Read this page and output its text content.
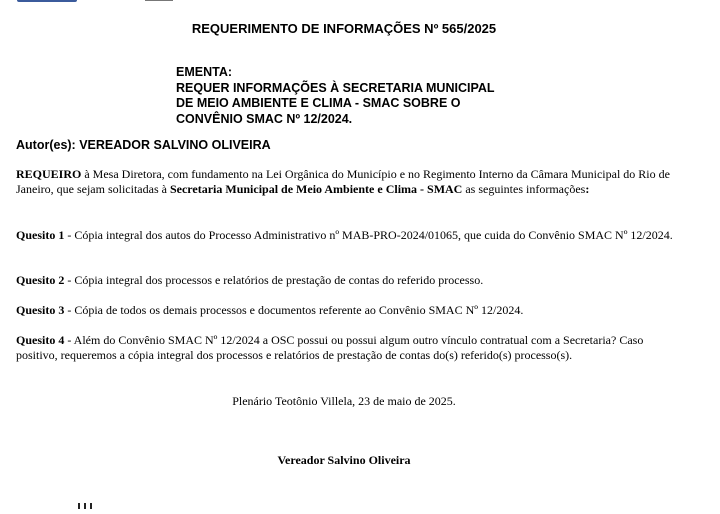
REQUERIMENTO DE INFORMAÇÕES Nº 565/2025
EMENTA:
REQUER INFORMAÇÕES À SECRETARIA MUNICIPAL
DE MEIO AMBIENTE E CLIMA - SMAC SOBRE O
CONVÊNIO SMAC Nº 12/2024.
Autor(es): VEREADOR SALVINO OLIVEIRA
REQUEIRO à Mesa Diretora, com fundamento na Lei Orgânica do Município e no Regimento Interno da Câmara Municipal do Rio de Janeiro, que sejam solicitadas à Secretaria Municipal de Meio Ambiente e Clima - SMAC as seguintes informações:
Quesito 1 - Cópia integral dos autos do Processo Administrativo nº MAB-PRO-2024/01065, que cuida do Convênio SMAC Nº 12/2024.
Quesito 2 - Cópia integral dos processos e relatórios de prestação de contas do referido processo.
Quesito 3 - Cópia de todos os demais processos e documentos referente ao Convênio SMAC Nº 12/2024.
Quesito 4 - Além do Convênio SMAC Nº 12/2024 a OSC possui ou possui algum outro vínculo contratual com a Secretaria? Caso positivo, requeremos a cópia integral dos processos e relatórios de prestação de contas do(s) referido(s) processo(s).
Plenário Teotônio Villela, 23 de maio de 2025.
Vereador Salvino Oliveira
